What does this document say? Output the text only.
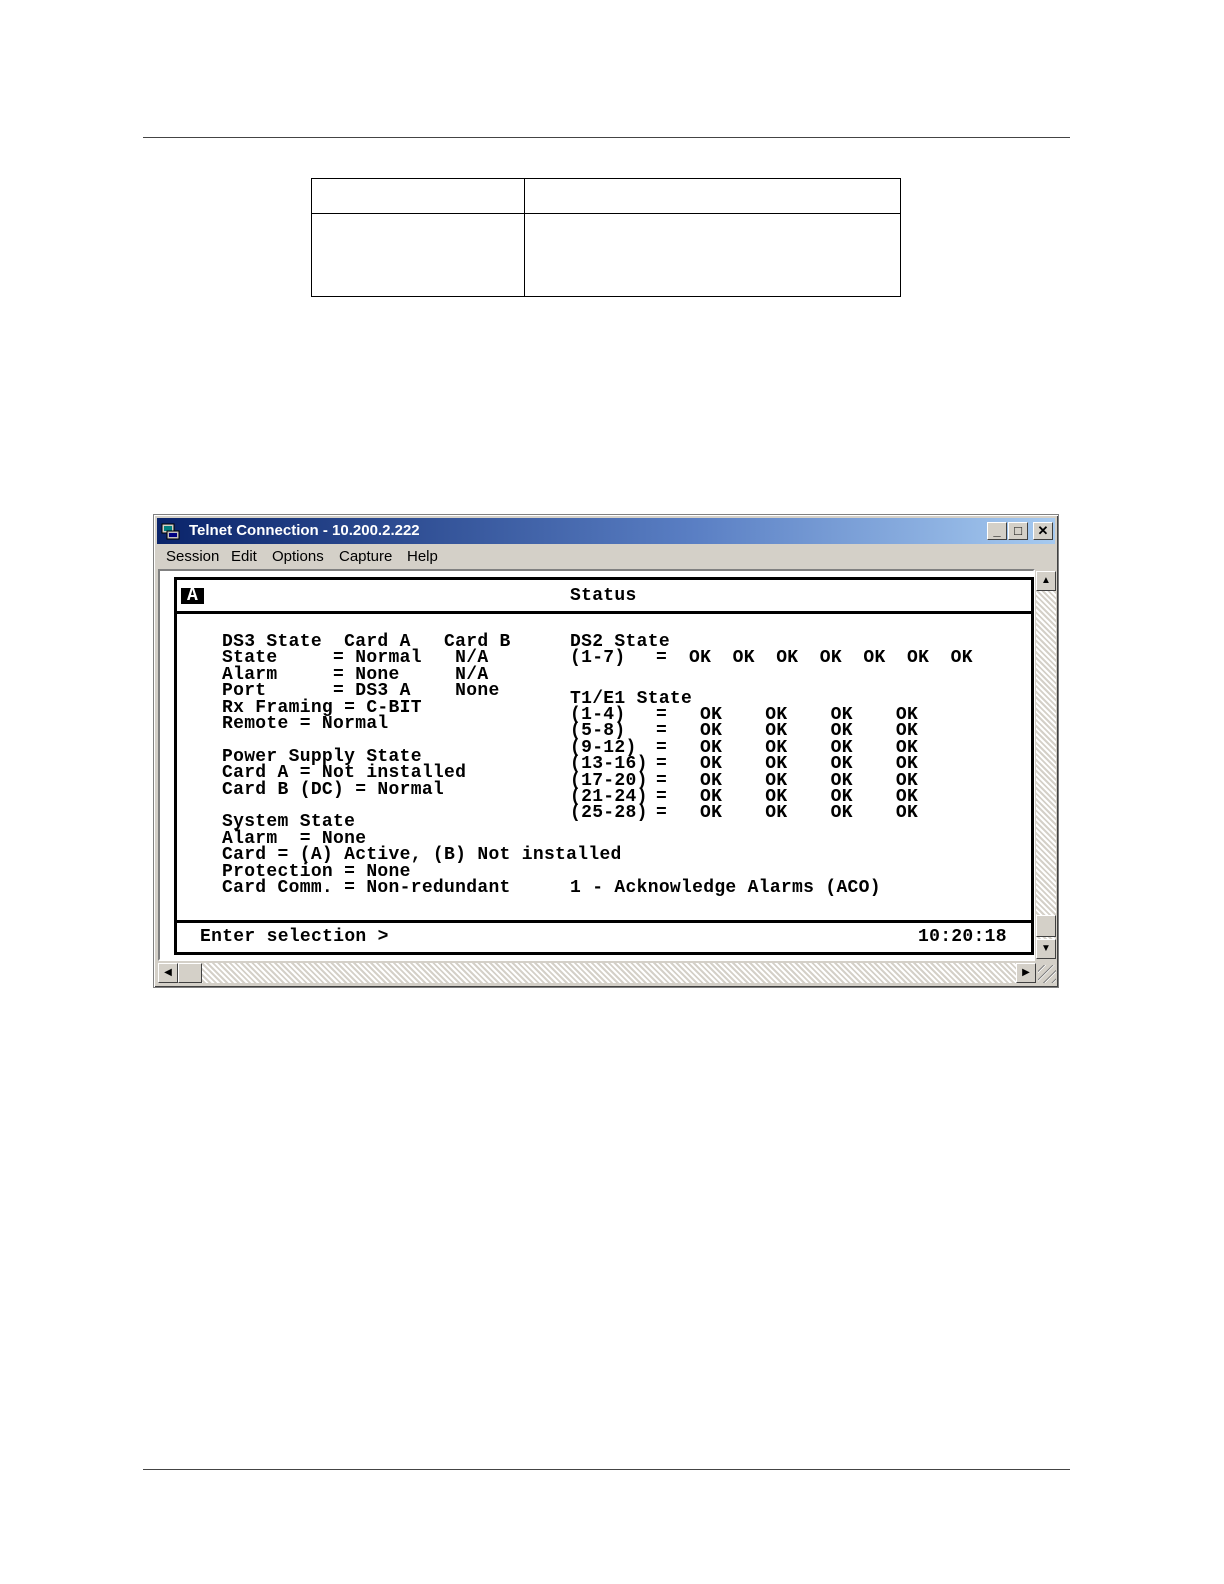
Telnet Connection - 10.200.2.222	_	□	✕
Session Edit Options Capture Help
A	Status
1 - Acknowledge Alarms (ACO)
Enter selection >	10:20:18
DS3 State  Card A   Card B
State     = Normal   N/A
Alarm     = None     N/A
Port      = DS3 A    None
Rx Framing = C-BIT
Remote = Normal
Power Supply State
Card A = Not installed
Card B (DC) = Normal
System State
Alarm  = None
Card = (A) Active, (B) Not installed
Protection = None
Card Comm. = Non-redundant
DS2 State
(1-7) = OK OK OK OK OK OK OK
T1/E1 State
(1-4) = OK OK OK OK
(5-8) = OK OK OK OK
(9-12) = OK OK OK OK
(13-16) = OK OK OK OK
(17-20) = OK OK OK OK
(21-24) = OK OK OK OK
(25-28) = OK OK OK OK
▲
▼
◀	▶
